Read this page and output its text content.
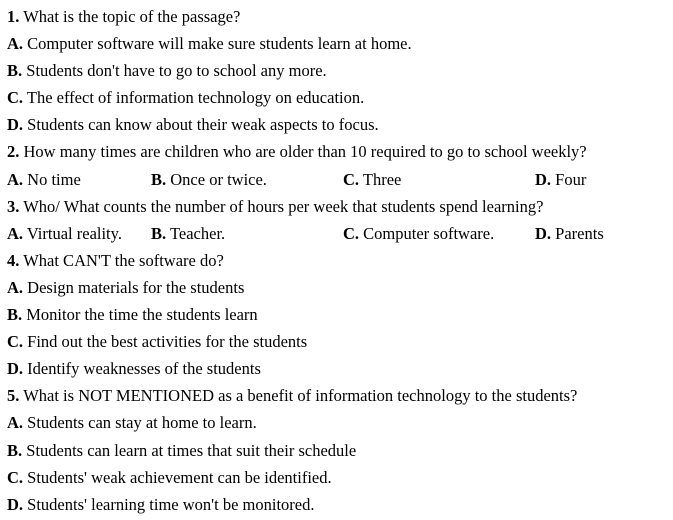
1. What is the topic of the passage?
A. Computer software will make sure students learn at home.
B. Students don't have to go to school any more.
C. The effect of information technology on education.
D. Students can know about their weak aspects to focus.
2. How many times are children who are older than 10 required to go to school weekly?
A. No time	B. Once or twice.	C. Three	D. Four
3. Who/ What counts the number of hours per week that students spend learning?
A. Virtual reality. B. Teacher.	C. Computer software. D. Parents
4. What CAN'T the software do?
A. Design materials for the students
B. Monitor the time the students learn
C. Find out the best activities for the students
D. Identify weaknesses of the students
5. What is NOT MENTIONED as a benefit of information technology to the students?
A. Students can stay at home to learn.
B. Students can learn at times that suit their schedule
C. Students' weak achievement can be identified.
D. Students' learning time won't be monitored.
